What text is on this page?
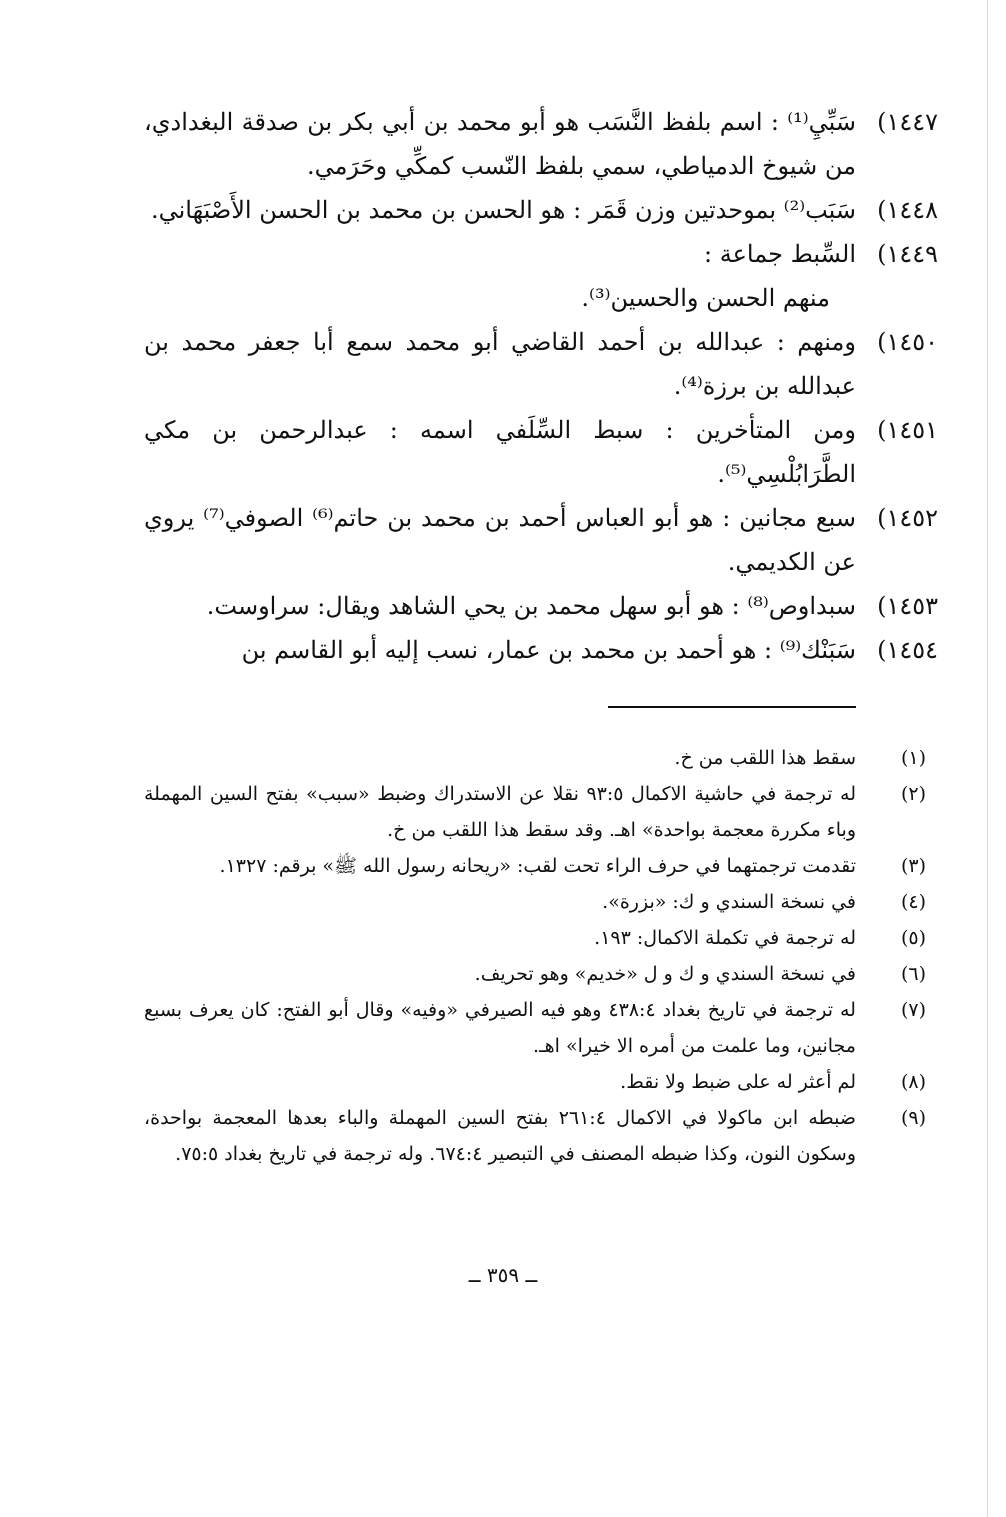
١٤٤٧)
سَبِّيِ⁽¹⁾ : اسم بلفظ النَّسَب هو أبو محمد بن أبي بكر بن صدقة البغدادي، من شيوخ الدمياطي، سمي بلفظ النّسب كمكِّي وحَرَمي.

١٤٤٨)
سَبَب⁽²⁾ بموحدتين وزن قَمَر : هو الحسن بن محمد بن الحسن الأَصْبَهَاني.

١٤٤٩)
السِّبط جماعة :

منهم الحسن والحسين⁽³⁾.

١٤٥٠)
ومنهم : عبدالله بن أحمد القاضي أبو محمد سمع أبا جعفر محمد بن عبدالله بن برزة⁽⁴⁾.

١٤٥١)
ومن المتأخرين : سبط السِّلَفي اسمه : عبدالرحمن بن مكي الطَّرَابُلْسِي⁽⁵⁾.

١٤٥٢)
سبع مجانين : هو أبو العباس أحمد بن محمد بن حاتم⁽⁶⁾ الصوفي⁽⁷⁾ يروي عن الكديمي.

١٤٥٣)
سبداوص⁽⁸⁾ : هو أبو سهل محمد بن يحي الشاهد ويقال: سراوست.

١٤٥٤)
سَبَنْك⁽⁹⁾ : هو أحمد بن محمد بن عمار، نسب إليه أبو القاسم بن

(١)
سقط هذا اللقب من خ.

(٢)
له ترجمة في حاشية الاكمال ٩٣:٥ نقلا عن الاستدراك وضبط «سبب» بفتح السين المهملة وباء مكررة معجمة بواحدة» اهـ. وقد سقط هذا اللقب من خ.

(٣)
تقدمت ترجمتهما في حرف الراء تحت لقب: «ريحانه رسول الله ﷺ» برقم: ١٣٢٧.

(٤)
في نسخة السندي و ك: «بزرة».

(٥)
له ترجمة في تكملة الاكمال: ١٩٣.

(٦)
في نسخة السندي و ك و ل «خديم» وهو تحريف.

(٧)
له ترجمة في تاريخ بغداد ٤٣٨:٤ وهو فيه الصيرفي «وفيه» وقال أبو الفتح: كان يعرف بسبع مجانين، وما علمت من أمره الا خيرا» اهـ.

(٨)
لم أعثر له على ضبط ولا نقط.

(٩)
ضبطه ابن ماكولا في الاكمال ٢٦١:٤ بفتح السين المهملة والباء بعدها المعجمة بواحدة، وسكون النون، وكذا ضبطه المصنف في التبصير ٦٧٤:٤. وله ترجمة في تاريخ بغداد ٧٥:٥.

ــ ٣٥٩ ــ
